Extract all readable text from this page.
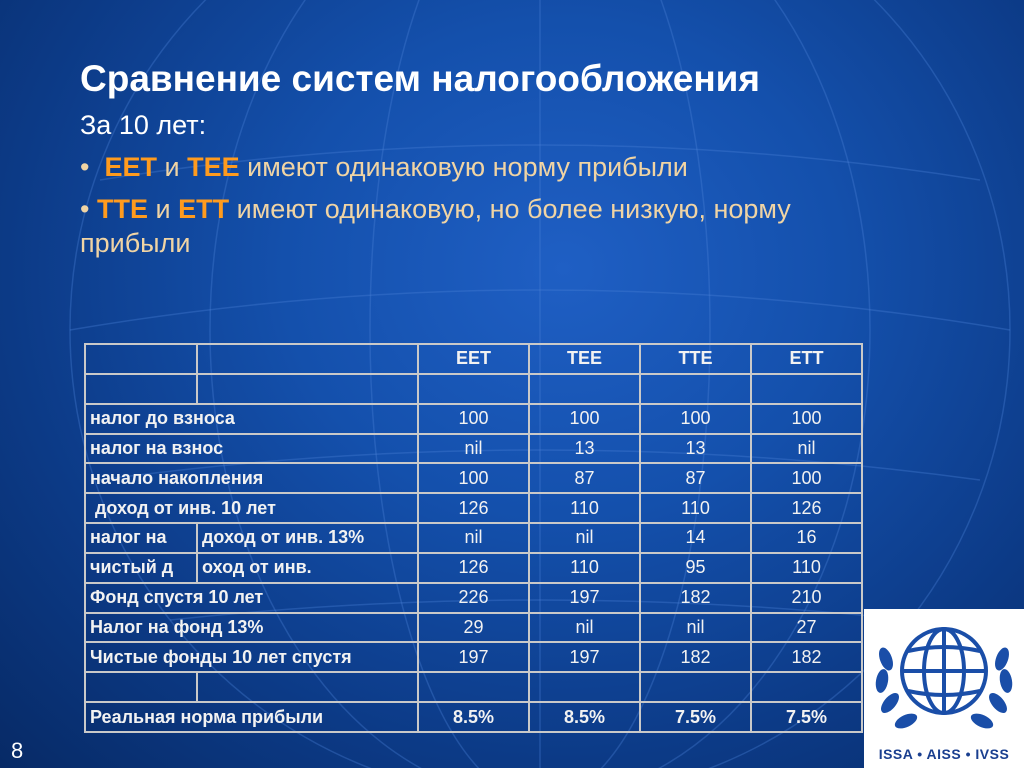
Сравнение систем налогообложения
За 10 лет:
• EET и TEE имеют одинаковую норму прибыли
• TTE и ETT имеют одинаковую, но более низкую, норму прибыли
		EET	TEE	TTE	ETT

налог до взноса		100	100	100	100
налог на взнос		nil	13	13	nil
начало накопления		100	87	87	100
доход от инв. 10 лет		126	110	110	126
налог на	доход от инв. 13%	nil	nil	14	16
чистый д	оход от инв.	126	110	95	110
Фонд спустя 10 лет		226	197	182	210
Налог на фонд 13%		29	nil	nil	27
Чистые фонды 10 лет спустя		197	197	182	182

Реальная норма прибыли		8.5%	8.5%	7.5%	7.5%
8	ISSA • AISS • IVSS
